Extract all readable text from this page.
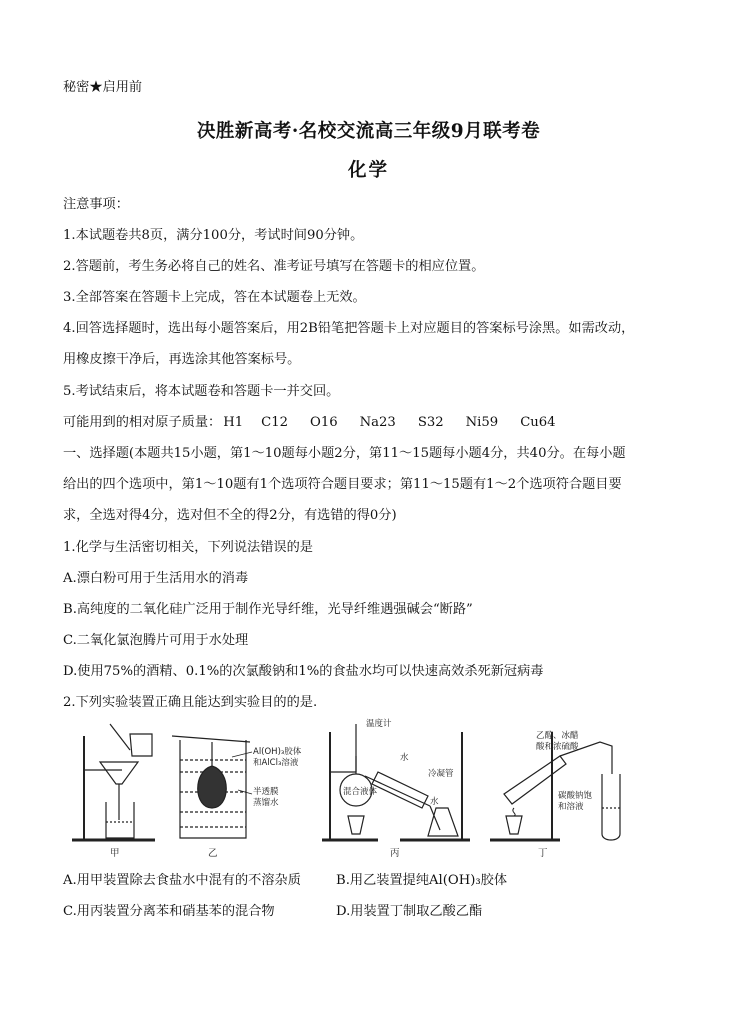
秘密★启用前
决胜新高考·名校交流高三年级9月联考卷
化学
注意事项：
1.本试题卷共8页，满分100分，考试时间90分钟。
2.答题前，考生务必将自己的姓名、准考证号填写在答题卡的相应位置。
3.全部答案在答题卡上完成，答在本试题卷上无效。
4.回答选择题时，选出每小题答案后，用2B铅笔把答题卡上对应题目的答案标号涂黑。如需改动，
用橡皮擦干净后，再选涂其他答案标号。
5.考试结束后，将本试题卷和答题卡一并交回。
可能用到的相对原子质量： H1 C12 O16 Na23 S32 Ni59 Cu64
一、选择题(本题共15小题，第1～10题每小题2分，第11～15题每小题4分，共40分。在每小题
给出的四个选项中，第1～10题有1个选项符合题目要求；第11～15题有1～2个选项符合题目要
求，全选对得4分，选对但不全的得2分，有选错的得0分)
1.化学与生活密切相关，下列说法错误的是
A.漂白粉可用于生活用水的消毒
B.高纯度的二氧化硅广泛用于制作光导纤维，光导纤维遇强碱会“断路”
C.二氧化氯泡腾片可用于水处理
D.使用75%的酒精、0.1%的次氯酸钠和1%的食盐水均可以快速高效杀死新冠病毒
2.下列实验装置正确且能达到实验目的的是.
Al(OH)₃胶体
和AlCl₃溶液
半透膜
蒸馏水
温度计
水
冷凝管
混合液体
水
乙醇、冰醋
酸和浓硫酸
碳酸钠饱
和溶液
甲	乙	丙	丁
A.用甲装置除去食盐水中混有的不溶杂质	B.用乙装置提纯Al(OH)₃胶体
C.用丙装置分离苯和硝基苯的混合物	D.用装置丁制取乙酸乙酯
